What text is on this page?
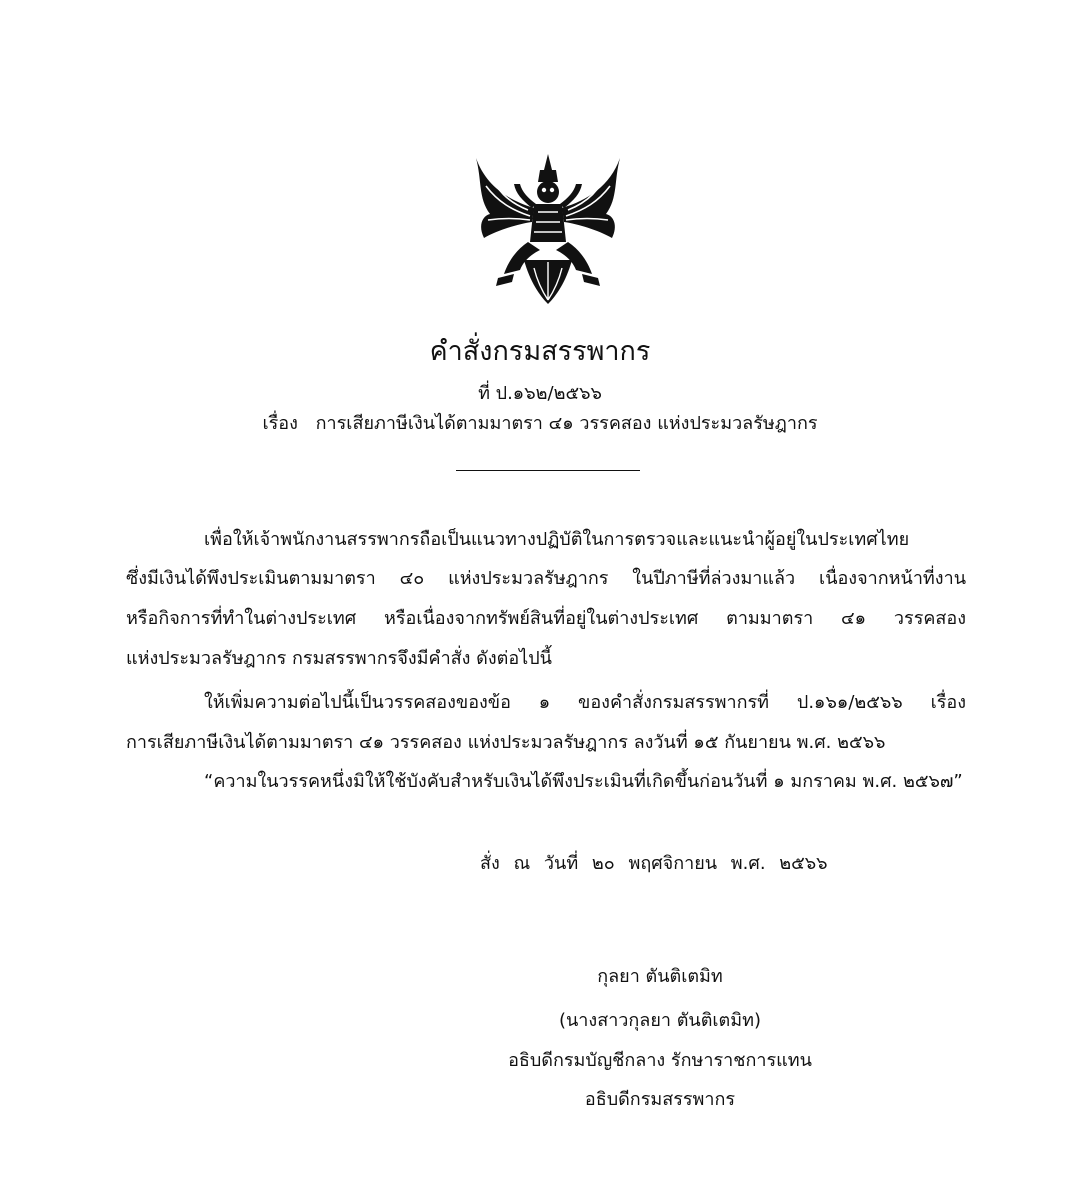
คำสั่งกรมสรรพากร
ที่ ป.๑๖๒/๒๕๖๖
เรื่อง การเสียภาษีเงินได้ตามมาตรา ๔๑ วรรคสอง แห่งประมวลรัษฎากร
เพื่อให้เจ้าพนักงานสรรพากรถือเป็นแนวทางปฏิบัติในการตรวจและแนะนำผู้อยู่ในประเทศไทย
ซึ่งมีเงินได้พึงประเมินตามมาตรา ๔๐ แห่งประมวลรัษฎากร ในปีภาษีที่ล่วงมาแล้ว เนื่องจากหน้าที่งาน
หรือกิจการที่ทำในต่างประเทศ หรือเนื่องจากทรัพย์สินที่อยู่ในต่างประเทศ ตามมาตรา ๔๑ วรรคสอง
แห่งประมวลรัษฎากร กรมสรรพากรจึงมีคำสั่ง ดังต่อไปนี้
ให้เพิ่มความต่อไปนี้เป็นวรรคสองของข้อ ๑ ของคำสั่งกรมสรรพากรที่ ป.๑๖๑/๒๕๖๖ เรื่อง
การเสียภาษีเงินได้ตามมาตรา ๔๑ วรรคสอง แห่งประมวลรัษฎากร ลงวันที่ ๑๕ กันยายน พ.ศ. ๒๕๖๖
“ความในวรรคหนึ่งมิให้ใช้บังคับสำหรับเงินได้พึงประเมินที่เกิดขึ้นก่อนวันที่ ๑ มกราคม พ.ศ. ๒๕๖๗”
สั่ง ณ วันที่ ๒๐ พฤศจิกายน พ.ศ. ๒๕๖๖
กุลยา ตันติเตมิท
(นางสาวกุลยา ตันติเตมิท)
อธิบดีกรมบัญชีกลาง รักษาราชการแทน
อธิบดีกรมสรรพากร
